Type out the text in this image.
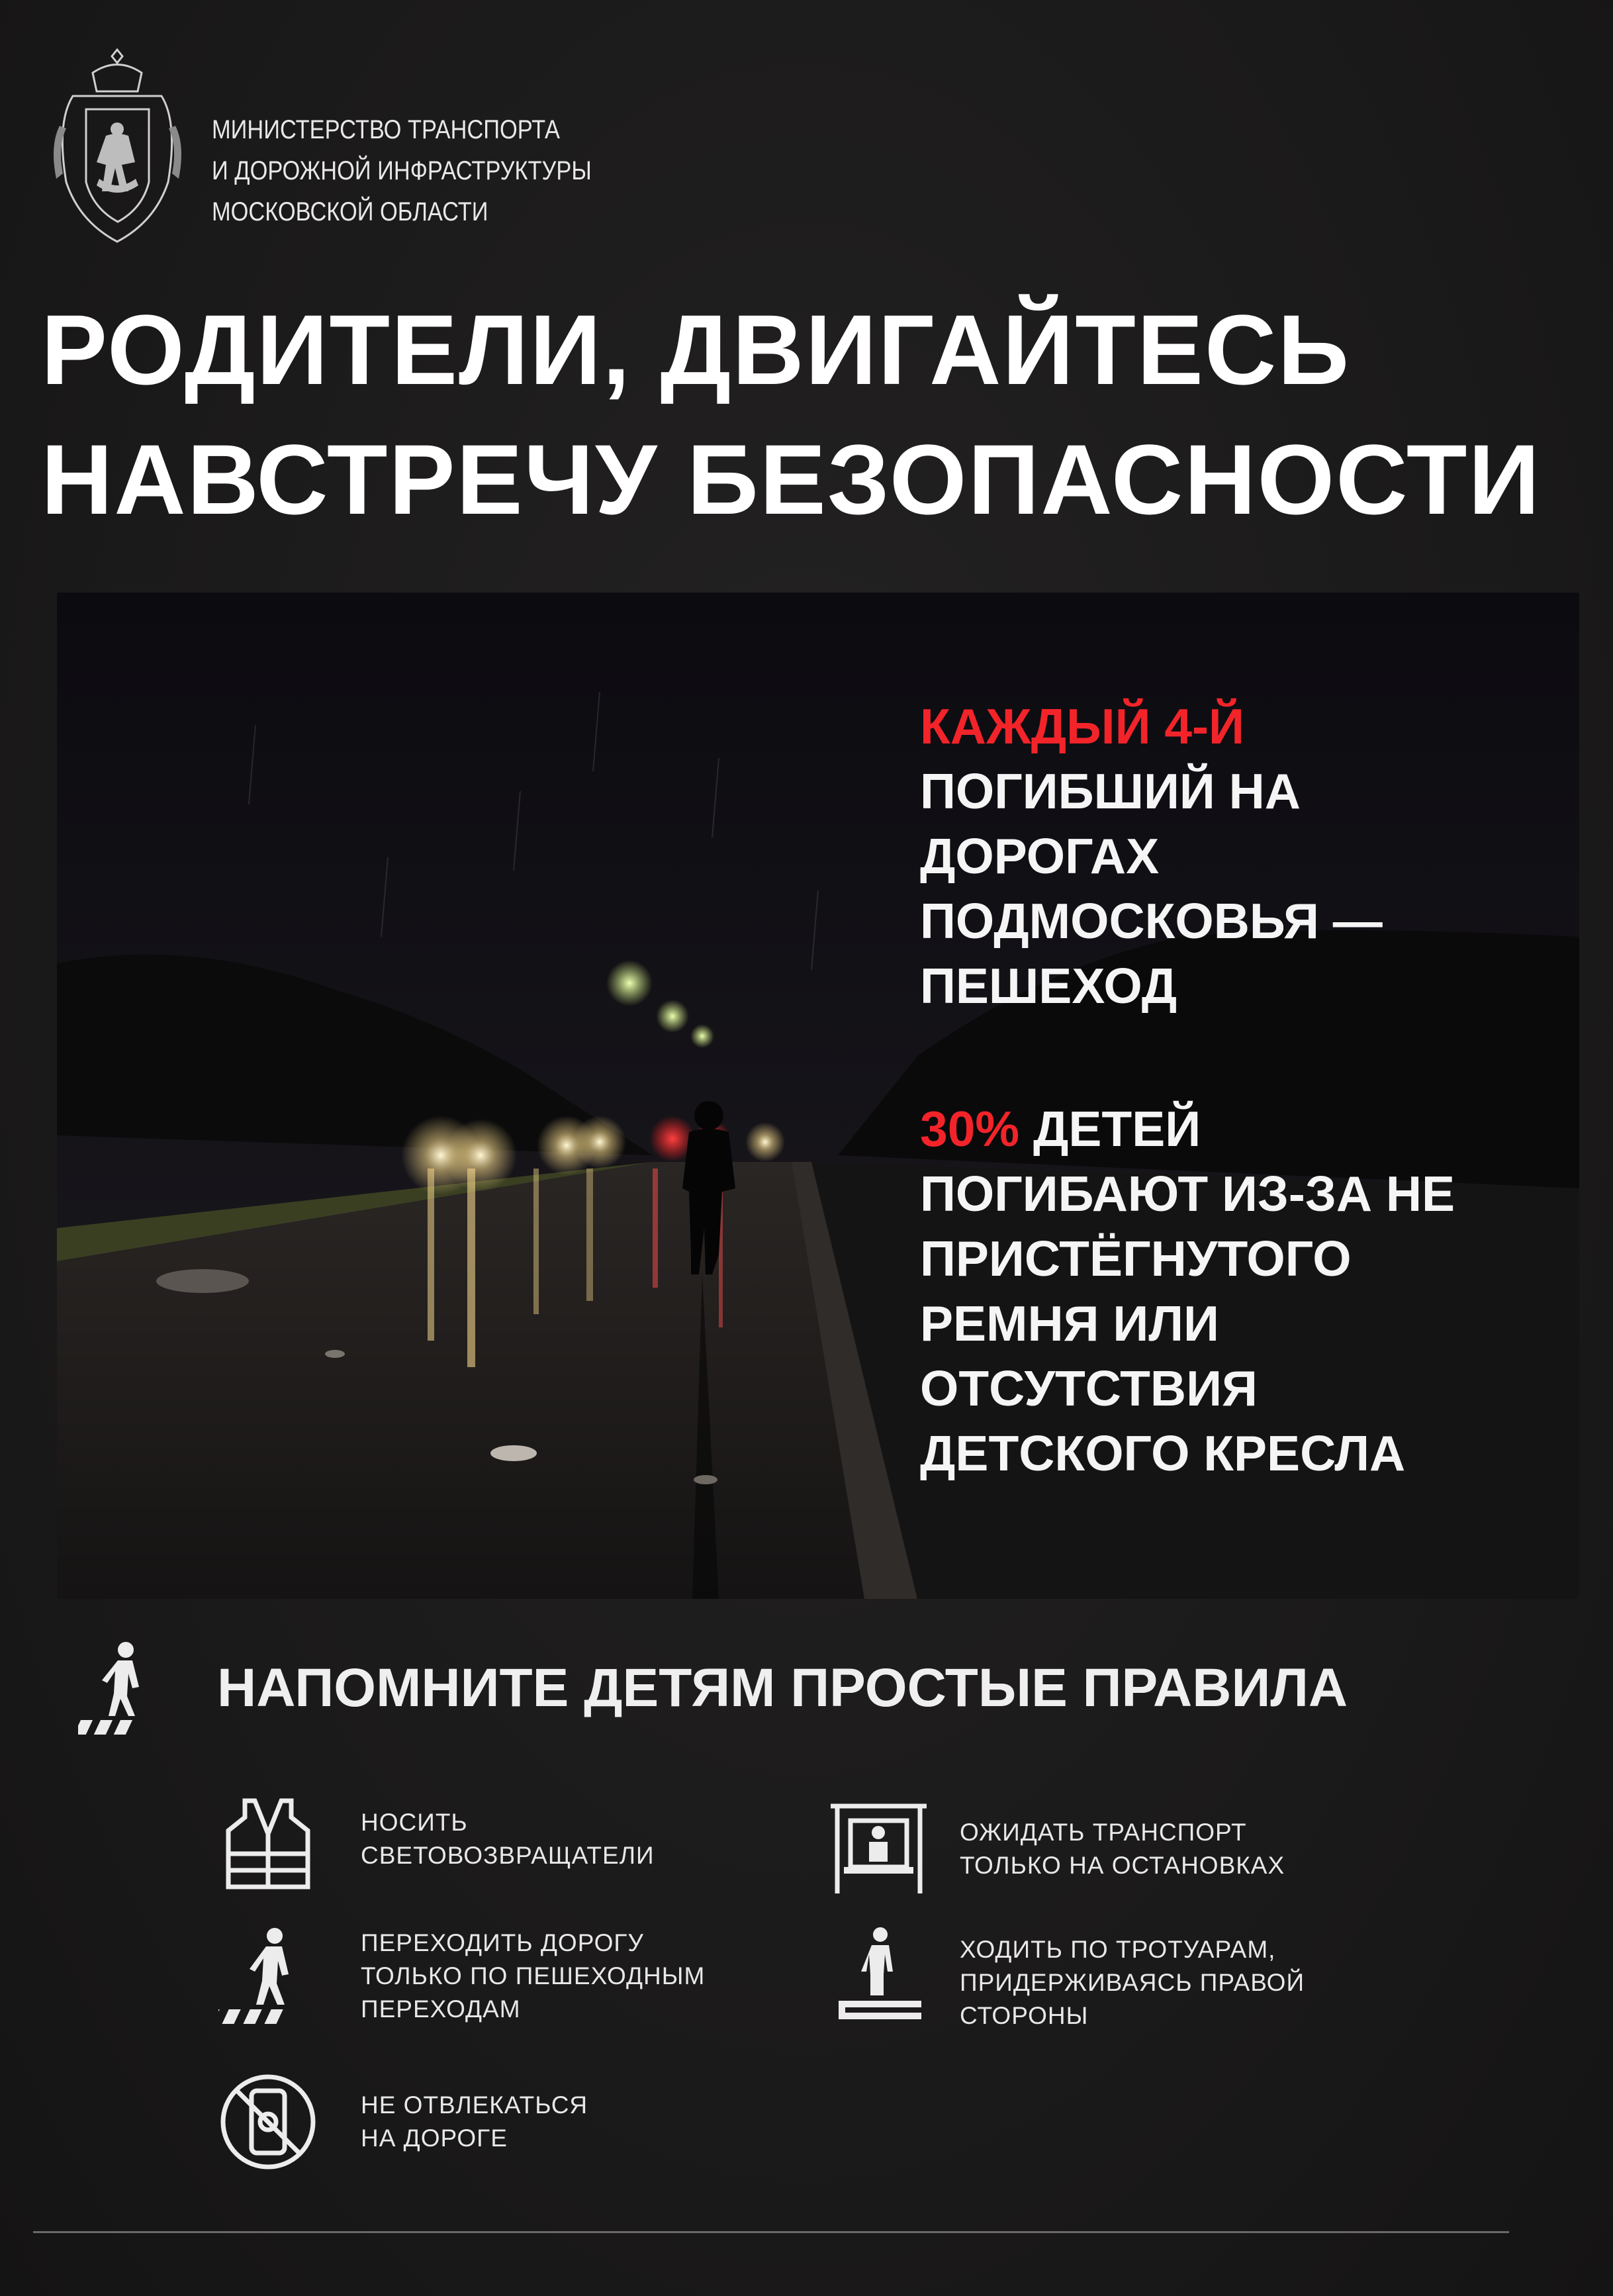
МИНИСТЕРСТВО ТРАНСПОРТА
И ДОРОЖНОЙ ИНФРАСТРУКТУРЫ
МОСКОВСКОЙ ОБЛАСТИ
РОДИТЕЛИ, ДВИГАЙТЕСЬ
НАВСТРЕЧУ БЕЗОПАСНОСТИ
КАЖДЫЙ 4-Й
ПОГИБШИЙ НА
ДОРОГАХ
ПОДМОСКОВЬЯ —
ПЕШЕХОД
30% ДЕТЕЙ
ПОГИБАЮТ ИЗ-ЗА НЕ
ПРИСТЁГНУТОГО
РЕМНЯ ИЛИ
ОТСУТСТВИЯ
ДЕТСКОГО КРЕСЛА
НАПОМНИТЕ ДЕТЯМ ПРОСТЫЕ ПРАВИЛА
НОСИТЬ
СВЕТОВОЗВРАЩАТЕЛИ
ОЖИДАТЬ ТРАНСПОРТ
ТОЛЬКО НА ОСТАНОВКАХ
ПЕРЕХОДИТЬ ДОРОГУ
ТОЛЬКО ПО ПЕШЕХОДНЫМ
ПЕРЕХОДАМ
ХОДИТЬ ПО ТРОТУАРАМ,
ПРИДЕРЖИВАЯСЬ ПРАВОЙ
СТОРОНЫ
НЕ ОТВЛЕКАТЬСЯ
НА ДОРОГЕ
